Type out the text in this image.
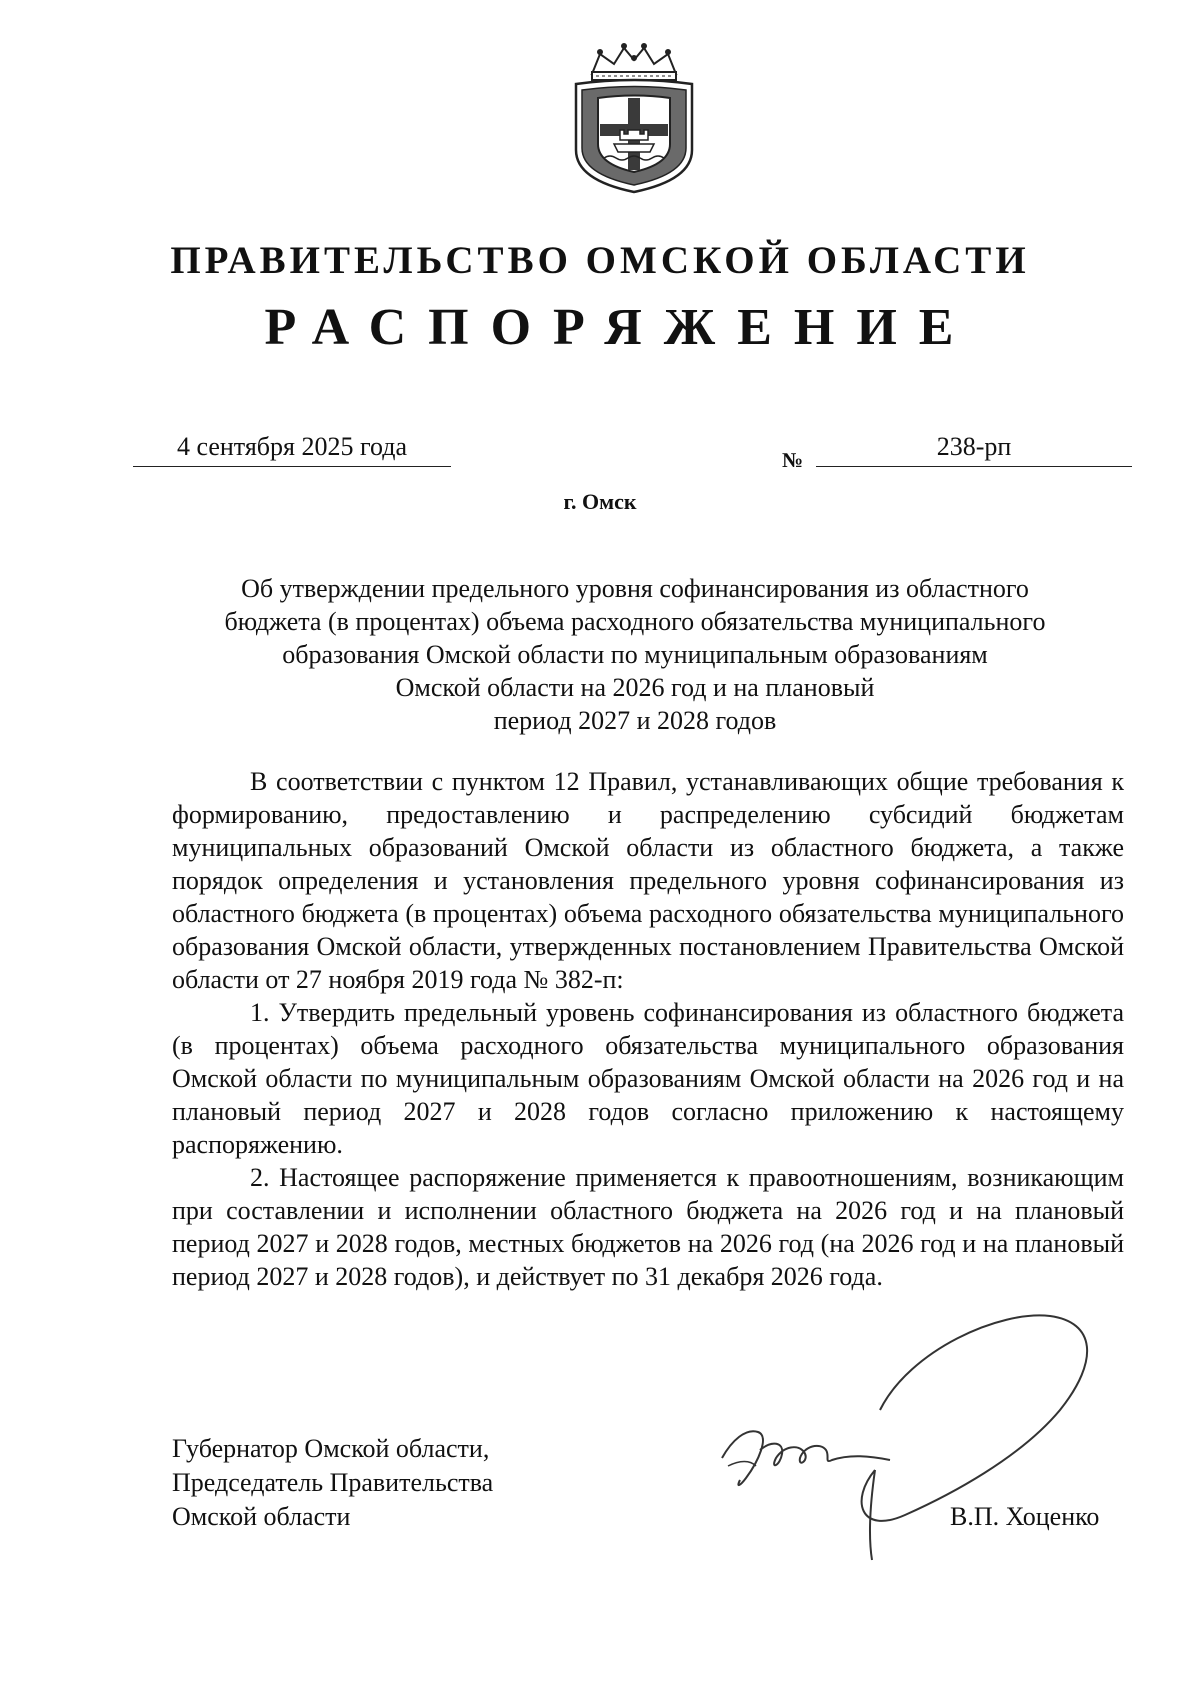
ПРАВИТЕЛЬСТВО ОМСКОЙ ОБЛАСТИ
РАСПОРЯЖЕНИЕ
4 сентября 2025 года	№	238-рп
г. Омск
Об утверждении предельного уровня софинансирования из областного
бюджета (в процентах) объема расходного обязательства муниципального
образования Омской области по муниципальным образованиям
Омской области на 2026 год и на плановый
период 2027 и 2028 годов

В соответствии с пунктом 12 Правил, устанавливающих общие требования к формированию, предоставлению и распределению субсидий бюджетам муниципальных образований Омской области из областного бюджета, а также порядок определения и установления предельного уровня софинансирования из областного бюджета (в процентах) объема расходного обязательства муниципального образования Омской области, утвержденных постановлением Правительства Омской области от 27 ноября 2019 года № 382-п:

1. Утвердить предельный уровень софинансирования из областного бюджета (в процентах) объема расходного обязательства муниципального образования Омской области по муниципальным образованиям Омской области на 2026 год и на плановый период 2027 и 2028 годов согласно приложению к настоящему распоряжению.

2. Настоящее распоряжение применяется к правоотношениям, возникающим при составлении и исполнении областного бюджета на 2026 год и на плановый период 2027 и 2028 годов, местных бюджетов на 2026 год (на 2026 год и на плановый период 2027 и 2028 годов), и действует по 31 декабря 2026 года.

Губернатор Омской области,
Председатель Правительства
Омской области	В.П. Хоценко
